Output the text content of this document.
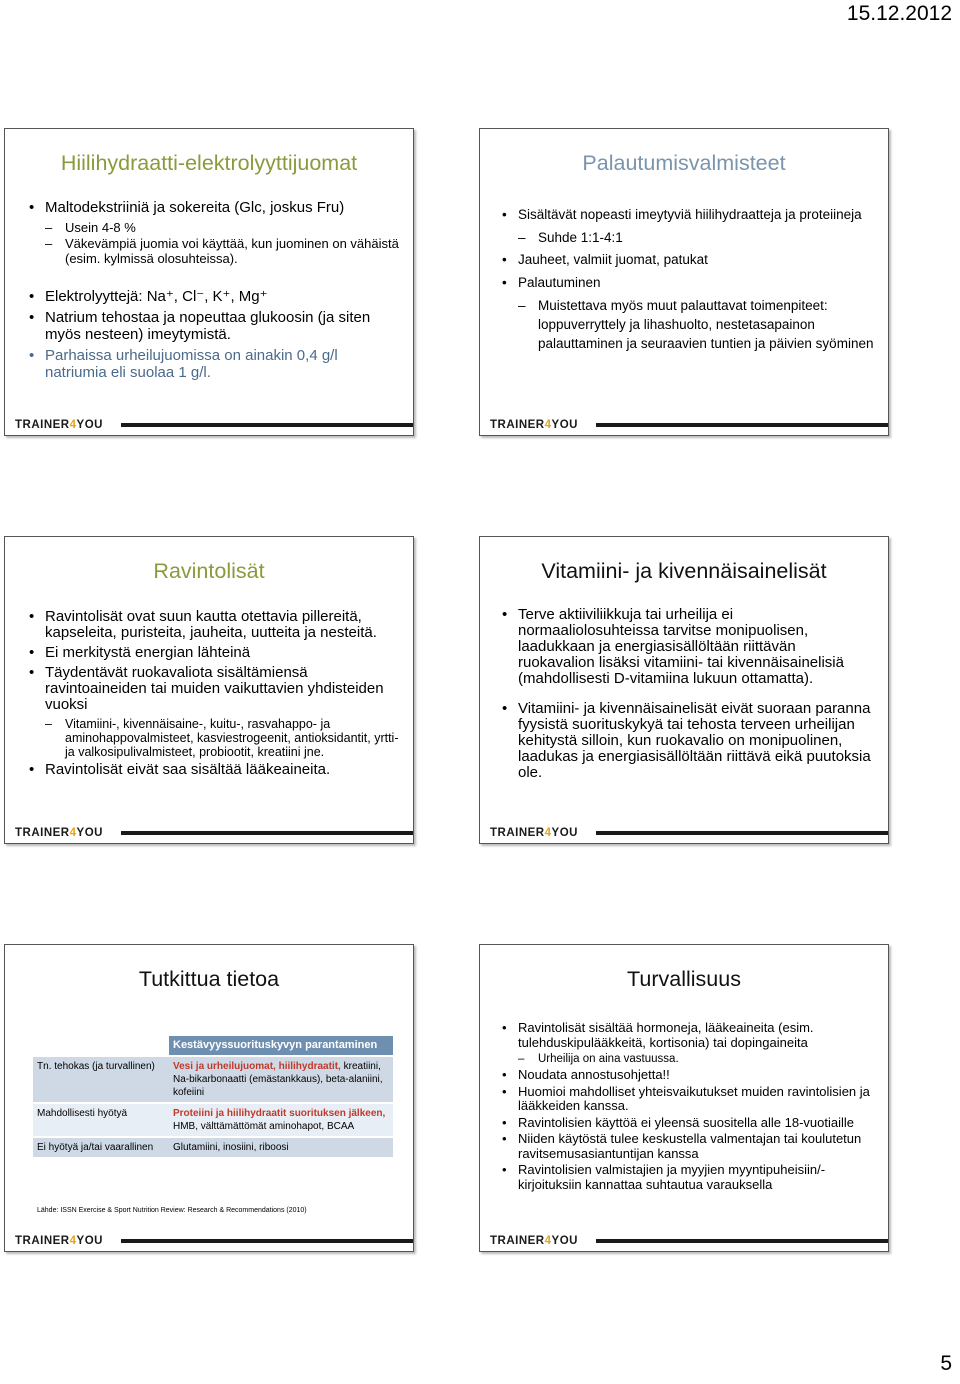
15.12.2012
Hiilihydraatti-elektrolyyttijuomat
• Maltodekstriiniä ja sokereita (Glc, joskus Fru)
– Usein 4-8 %
– Väkevämpiä juomia voi käyttää, kun juominen on vähäistä (esim. kylmissä olosuhteissa).
• Elektrolyyttejä: Na⁺, Cl⁻, K⁺, Mg⁺
• Natrium tehostaa ja nopeuttaa glukoosin (ja siten myös nesteen) imeytymistä.
• Parhaissa urheilujuomissa on ainakin 0,4 g/l natriumia eli suolaa 1 g/l.
TRAINER4YOU
Palautumisvalmisteet
• Sisältävät nopeasti imeytyviä hiilihydraatteja ja proteiineja
– Suhde 1:1-4:1
• Jauheet, valmiit juomat, patukat
• Palautuminen
– Muistettava myös muut palauttavat toimenpiteet: loppuverryttely ja lihashuolto, nestetasapainon palauttaminen ja seuraavien tuntien ja päivien syöminen
TRAINER4YOU
Ravintolisät
• Ravintolisät ovat suun kautta otettavia pillereitä, kapseleita, puristeita, jauheita, uutteita ja nesteitä.
• Ei merkitystä energian lähteinä
• Täydentävät ruokavaliota sisältämiensä ravintoaineiden tai muiden vaikuttavien yhdisteiden vuoksi
– Vitamiini-, kivennäisaine-, kuitu-, rasvahappo- ja aminohappovalmisteet, kasviestrogeenit, antioksidantit, yrtti- ja valkosipulivalmisteet, probiootit, kreatiini jne.
• Ravintolisät eivät saa sisältää lääkeaineita.
TRAINER4YOU
Vitamiini- ja kivennäisainelisät
• Terve aktiiviliikkuja tai urheilija ei normaaliolosuhteissa tarvitse monipuolisen, laadukkaan ja energiasisällöltään riittävän ruokavalion lisäksi vitamiini- tai kivennäisainelisiä (mahdollisesti D-vitamiina lukuun ottamatta).
• Vitamiini- ja kivennäisainelisät eivät suoraan paranna fyysistä suorituskykyä tai tehosta terveen urheilijan kehitystä silloin, kun ruokavalio on monipuolinen, laadukas ja energiasisällöltään riittävä eikä puutoksia ole.
TRAINER4YOU
Tutkittua tietoa
	Kestävyyssuorituskyvyn parantaminen
Tn. tehokas (ja turvallinen)	Vesi ja urheilujuomat, hiilihydraatit, kreatiini, Na-bikarbonaatti (emästankkaus), beta-alaniini, kofeiini
Mahdollisesti hyötyä	Proteiini ja hiilihydraatit suorituksen jälkeen, HMB, välttämättömät aminohapot, BCAA
Ei hyötyä ja/tai vaarallinen	Glutamiini, inosiini, riboosi
Lähde: ISSN Exercise & Sport Nutrition Review: Research & Recommendations (2010)
TRAINER4YOU
Turvallisuus
• Ravintolisät sisältää hormoneja, lääkeaineita (esim. tulehduskipulääkkeitä, kortisonia) tai dopingaineita
– Urheilija on aina vastuussa.
• Noudata annostusohjetta!!
• Huomioi mahdolliset yhteisvaikutukset muiden ravintolisien ja lääkkeiden kanssa.
• Ravintolisien käyttöä ei yleensä suositella alle 18-vuotiaille
• Niiden käytöstä tulee keskustella valmentajan tai koulutetun ravitsemusasiantuntijan kanssa
• Ravintolisien valmistajien ja myyjien myyntipuheisiin/-kirjoituksiin kannattaa suhtautua varauksella
TRAINER4YOU
5
